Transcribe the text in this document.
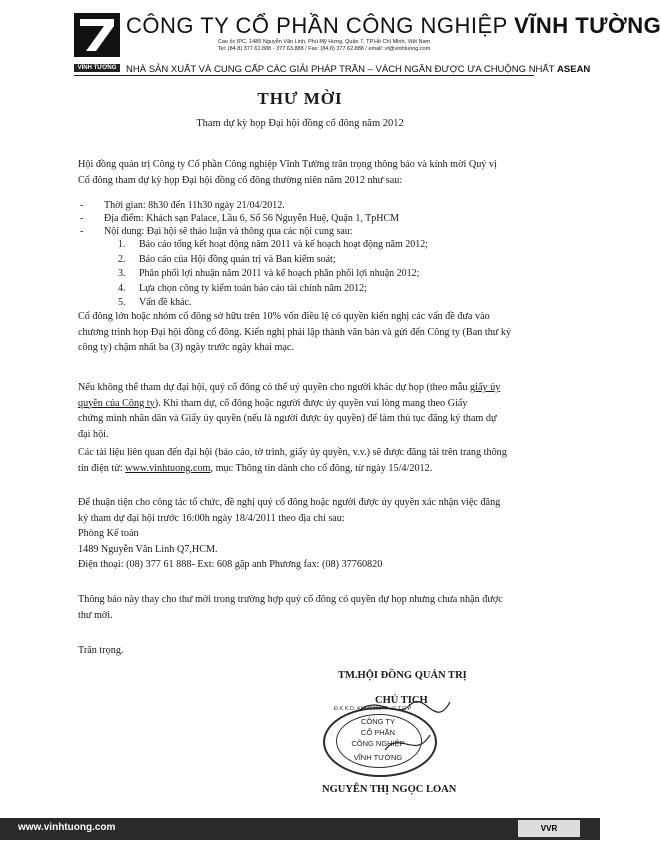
VĨNH TƯỜNG
CÔNG TY CỔ PHẦN CÔNG NGHIỆP VĨNH TƯỜNG
Cao ốc IPC, 1489 Nguyễn Văn Linh, Phú Mỹ Hưng, Quận 7, TP.Hồ Chí Minh, Việt Nam
Tel: (84.8) 377.61.888 - 377.63.888 / Fax: (84.8) 377.62.888 / email: vt@vinhtuong.com
NHÀ SẢN XUẤT VÀ CUNG CẤP CÁC GIẢI PHÁP TRẦN – VÁCH NGĂN ĐƯỢC ƯA CHUỘNG NHẤT ASEAN
THƯ MỜI
Tham dự kỳ họp Đại hội đồng cổ đông năm 2012
Hội đồng quản trị Công ty Cổ phần Công nghiệp Vĩnh Tường trân trọng thông báo và kính mời Quý vị
Cổ đông tham dự kỳ họp Đại hội đồng cổ đông thường niên năm 2012 như sau:
- Thời gian: 8h30 đến 11h30 ngày 21/04/2012.
- Địa điểm: Khách sạn Palace, Lầu 6, Số 56 Nguyễn Huệ, Quận 1, TpHCM
- Nội dung: Đại hội sẽ thảo luận và thông qua các nội cung sau:
1. Báo cáo tổng kết hoạt động năm 2011 và kế hoạch hoạt động năm 2012;
2. Báo cáo của Hội đồng quản trị và Ban kiểm soát;
3. Phân phối lợi nhuận năm 2011 và kế hoạch phân phối lợi nhuận 2012;
4. Lựa chọn công ty kiểm toán báo cáo tài chính năm 2012;
5. Vấn đề khác.
Cổ đông lớn hoặc nhóm cổ đông sở hữu trên 10% vốn điều lệ có quyền kiến nghị các vấn đề đưa vào
chương trình họp Đại hội đồng cổ đông. Kiến nghị phải lập thành văn bản và gửi đến Công ty (Ban thư ký
công ty) chậm nhất ba (3) ngày trước ngày khai mạc.
Nếu không thể tham dự đại hội, quý cổ đông có thể uỷ quyền cho người khác dự họp (theo mẫu giấy ủy
quyền của Công ty). Khi tham dự, cổ đông hoặc người được ủy quyền vui lòng mang theo Giấy
chứng minh nhân dân và Giấy ủy quyền (nếu là người được ủy quyền) để làm thủ tục đăng ký tham dự
đại hội.
Các tài liệu liên quan đến đại hội (báo cáo, tờ trình, giấy ủy quyền, v.v.) sẽ được đăng tải trên trang thông
tin điện tử: www.vinhtuong.com, mục Thông tin dành cho cổ đông, từ ngày 15/4/2012.
Để thuận tiện cho công tác tổ chức, đề nghị quý cổ đông hoặc người được ủy quyền xác nhận việc đăng
ký tham dự đại hội trước 16:00h ngày 18/4/2011 theo địa chỉ sau:
Phòng Kế toán
1489 Nguyễn Văn Linh Q7,HCM.
Điện thoại: (08) 377 61 888- Ext: 608 gặp anh Phương fax: (08) 37760820
Thông báo này thay cho thư mời trong trường hợp quý cổ đông có quyền dự họp nhưng chưa nhận được
thư mời.
Trân trọng.
TM.HỘI ĐỒNG QUẢN TRỊ
CHỦ TỊCH
Đ.K.K.D. 4103003977 - C.T.C.P
CÔNG TY
CỔ PHẦN
CÔNG NGHIỆP
VĨNH TƯỜNG
NGUYỄN THỊ NGỌC LOAN
www.vinhtuong.com	VVR
